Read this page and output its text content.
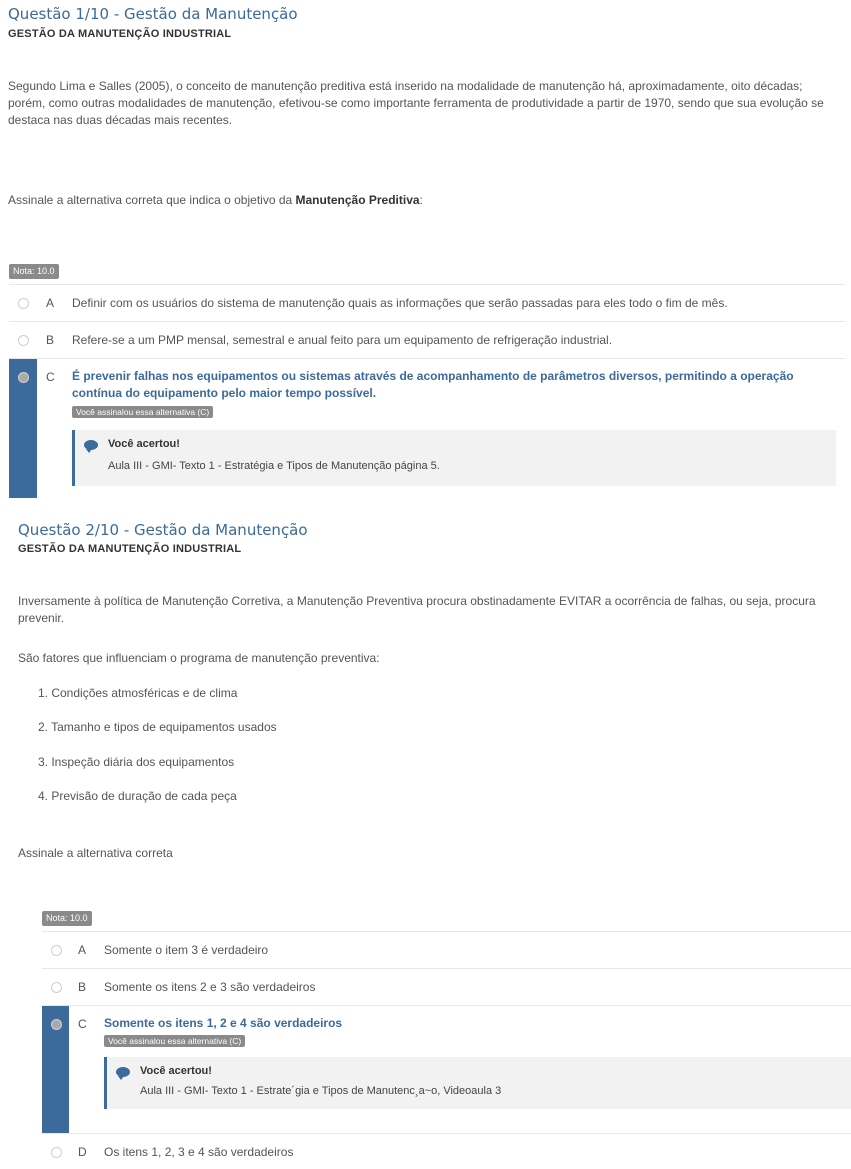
Questão 1/10 - Gestão da Manutenção
GESTÃO DA MANUTENÇÃO INDUSTRIAL
Segundo Lima e Salles (2005), o conceito de manutenção preditiva está inserido na modalidade de manutenção há, aproximadamente, oito décadas; porém, como outras modalidades de manutenção, efetivou-se como importante ferramenta de produtividade a partir de 1970, sendo que sua evolução se destaca nas duas décadas mais recentes.
Assinale a alternativa correta que indica o objetivo da Manutenção Preditiva:
Nota: 10.0
A Definir com os usuários do sistema de manutenção quais as informações que serão passadas para eles todo o fim de mês.
B Refere-se a um PMP mensal, semestral e anual feito para um equipamento de refrigeração industrial.
C É prevenir falhas nos equipamentos ou sistemas através de acompanhamento de parâmetros diversos, permitindo a operação contínua do equipamento pelo maior tempo possível.
Você assinalou essa alternativa (C)
Você acertou!
Aula III - GMI- Texto 1 - Estratégia e Tipos de Manutenção página 5.
Questão 2/10 - Gestão da Manutenção
GESTÃO DA MANUTENÇÃO INDUSTRIAL
Inversamente à política de Manutenção Corretiva, a Manutenção Preventiva procura obstinadamente EVITAR a ocorrência de falhas, ou seja, procura prevenir.
São fatores que influenciam o programa de manutenção preventiva:
1. Condições atmosféricas e de clima
2. Tamanho e tipos de equipamentos usados
3. Inspeção diária dos equipamentos
4. Previsão de duração de cada peça
Assinale a alternativa correta
Nota: 10.0
A Somente o item 3 é verdadeiro
B Somente os itens 2 e 3 são verdadeiros
C Somente os itens 1, 2 e 4 são verdadeiros
Você assinalou essa alternativa (C)
Você acertou!
Aula III - GMI- Texto 1 - Estrate´gia e Tipos de Manutenc¸a~o, Videoaula 3
D Os itens 1, 2, 3 e 4 são verdadeiros
